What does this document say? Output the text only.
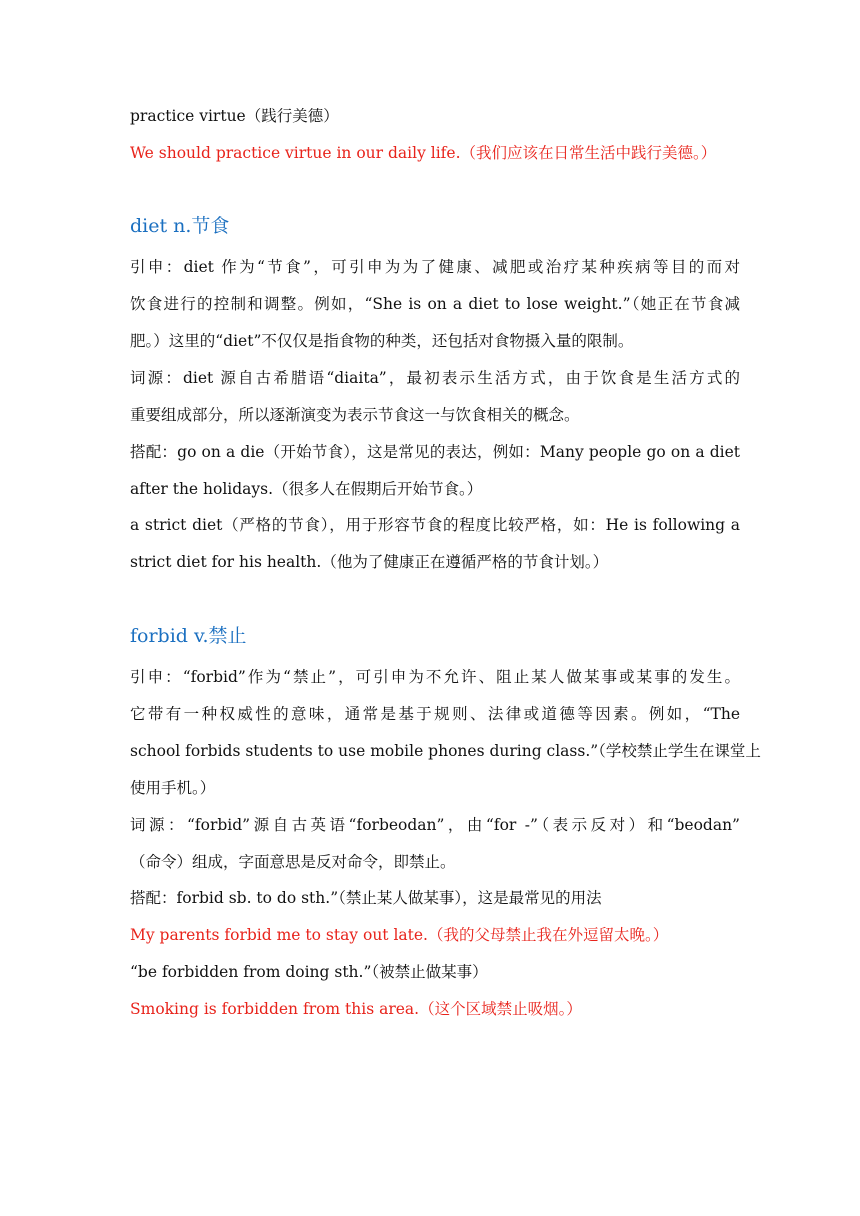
practice virtue（践行美德）
We should practice virtue in our daily life.（我们应该在日常生活中践行美德。）
diet n.节食
引申：diet 作为“节食”，可引申为为了健康、减肥或治疗某种疾病等目的而对
饮食进行的控制和调整。例如，“She is on a diet to lose weight.”（她正在节食减
肥。）这里的“diet”不仅仅是指食物的种类，还包括对食物摄入量的限制。
词源：diet 源自古希腊语“diaita”，最初表示生活方式，由于饮食是生活方式的
重要组成部分，所以逐渐演变为表示节食这一与饮食相关的概念。
搭配：go on a die（开始节食），这是常见的表达，例如：Many people go on a diet
after the holidays.（很多人在假期后开始节食。）
a strict diet（严格的节食），用于形容节食的程度比较严格，如：He is following a
strict diet for his health.（他为了健康正在遵循严格的节食计划。）
forbid v.禁止
引申：“forbid”作为“禁止”，可引申为不允许、阻止某人做某事或某事的发生。
它带有一种权威性的意味，通常是基于规则、法律或道德等因素。例如，“The
school forbids students to use mobile phones during class.”（学校禁止学生在课堂上
使用手机。）
词源：“forbid”源自古英语“forbeodan”，由“for -”（表示反对）和“beodan”
（命令）组成，字面意思是反对命令，即禁止。
搭配：forbid sb. to do sth.”（禁止某人做某事），这是最常见的用法
My parents forbid me to stay out late.（我的父母禁止我在外逗留太晚。）
“be forbidden from doing sth.”（被禁止做某事）
Smoking is forbidden from this area.（这个区域禁止吸烟。）
